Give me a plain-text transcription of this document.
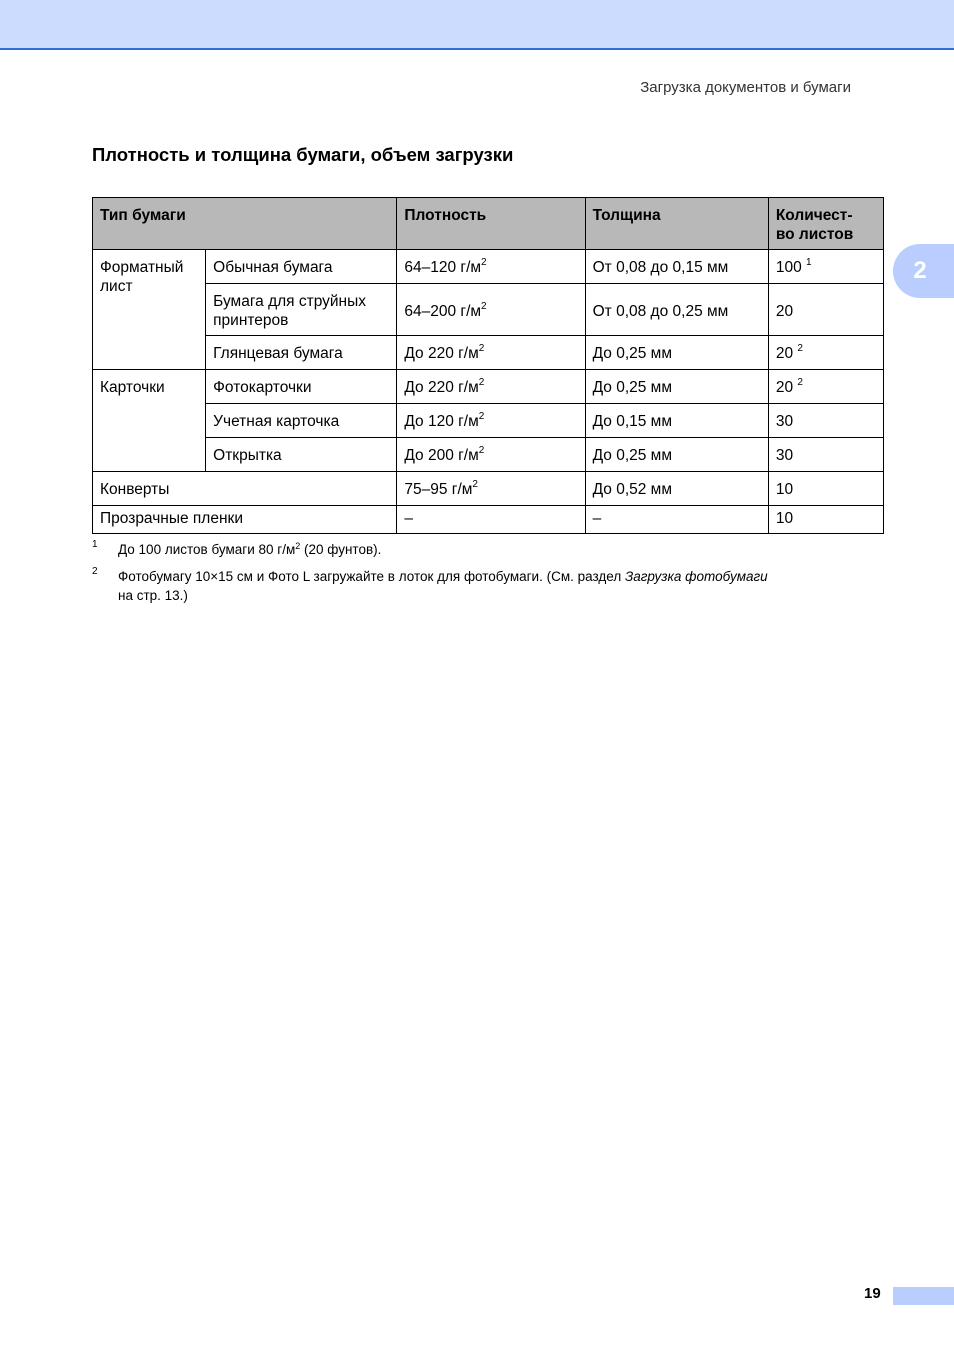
Загрузка документов и бумаги
2
Плотность и толщина бумаги, объем загрузки
Тип бумаги		Плотность	Толщина	Количест-
во листов
Форматный лист	Обычная бумага	64–120 $г/м^2$	От 0,08 до 0,15 мм	100 $^1$
	Бумага для струйных принтеров	64–200 $г/м^2$	От 0,08 до 0,25 мм	20
	Глянцевая бумага	До 220 $г/м^2$	До 0,25 мм	20 $^2$
Карточки	Фотокарточки	До 220 $г/м^2$	До 0,25 мм	20 $^2$
	Учетная карточка	До 120 $г/м^2$	До 0,15 мм	30
	Открытка	До 200 $г/м^2$	До 0,25 мм	30
Конверты		75–95 $г/м^2$	До 0,52 мм	10
Прозрачные пленки		–	–	10
1 До 100 листов бумаги 80 $г/м^2$ (20 фунтов).
2 Фотобумагу 10×15 см и Фото L загружайте в лоток для фотобумаги. (См. раздел Загрузка фотобумаги
на стр. 13.)
19
